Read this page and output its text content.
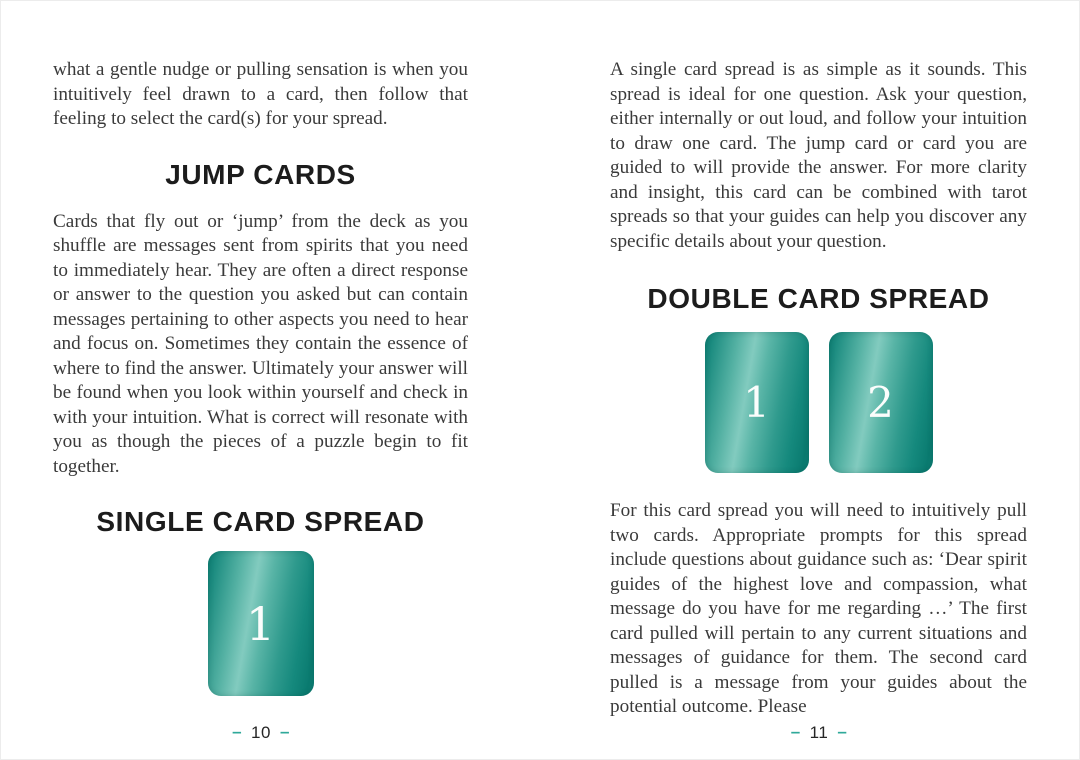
what a gentle nudge or pulling sensation is when you intuitively feel drawn to a card, then follow that feeling to select the card(s) for your spread.

JUMP CARDS

Cards that fly out or ‘jump’ from the deck as you shuffle are messages sent from spirits that you need to immediately hear. They are often a direct response or answer to the question you asked but can contain messages pertaining to other aspects you need to hear and focus on. Sometimes they contain the essence of where to find the answer. Ultimately your answer will be found when you look within yourself and check in with your intuition. What is correct will resonate with you as though the pieces of a puzzle begin to fit together.

SINGLE CARD SPREAD
1
– 10 –

A single card spread is as simple as it sounds. This spread is ideal for one question. Ask your question, either internally or out loud, and follow your intuition to draw one card. The jump card or card you are guided to will provide the answer. For more clarity and insight, this card can be combined with tarot spreads so that your guides can help you discover any specific details about your question.

DOUBLE CARD SPREAD
1 2

For this card spread you will need to intuitively pull two cards. Appropriate prompts for this spread include questions about guidance such as: ‘Dear spirit guides of the highest love and compassion, what message do you have for me regarding …’ The first card pulled will pertain to any current situations and messages of guidance for them. The second card pulled is a message from your guides about the potential outcome. Please

– 11 –
